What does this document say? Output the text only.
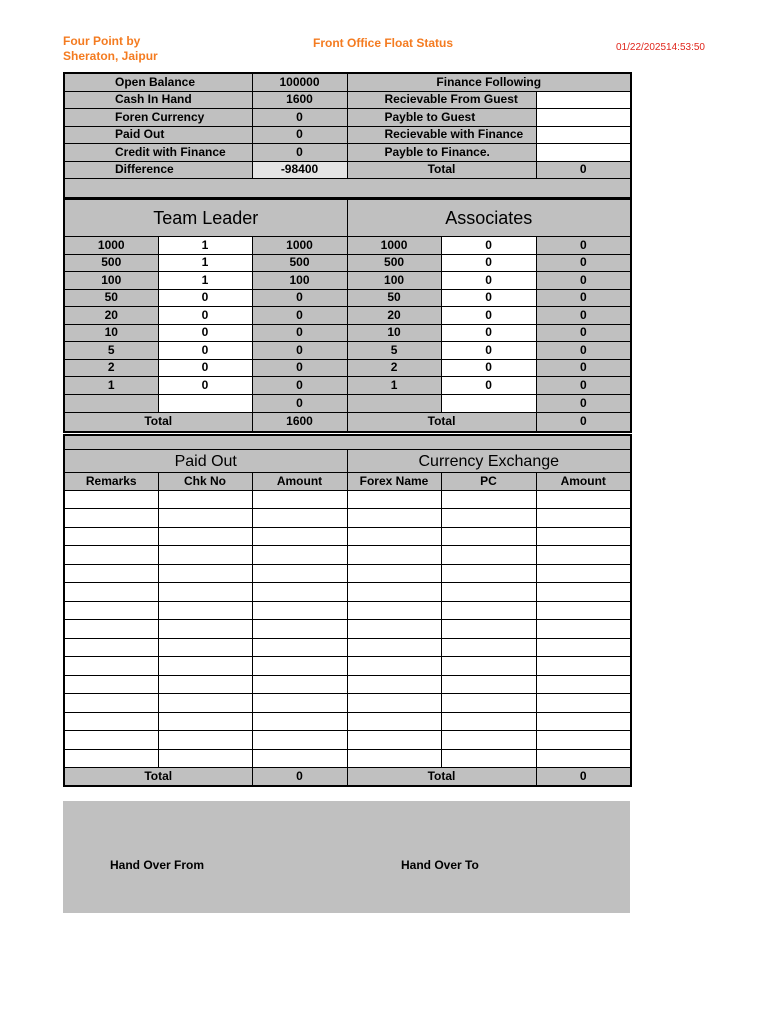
Four Point by Sheraton, Jaipur
Front Office Float Status	01/22/202514:53:50
Open Balance	100000	Finance Following	
Cash In Hand	1600	Recievable From Guest	
Foren Currency	0	Payble to Guest	
Paid Out	0	Recievable with Finance	
Credit with Finance	0	Payble to Finance.	
Difference	-98400	Total	0

Team Leader			Associates		
1000	1	1000	1000	0	0
500	1	500	500	0	0
100	1	100	100	0	0
50	0	0	50	0	0
20	0	0	20	0	0
10	0	0	10	0	0
5	0	0	5	0	0
2	0	0	2	0	0
1	0	0	1	0	0
		0			0
Total		1600	Total		0

Paid Out			Currency Exchange		
Remarks	Chk No	Amount	Forex Name	PC	Amount

Total		0	Total		0
Hand Over From	Hand Over To
